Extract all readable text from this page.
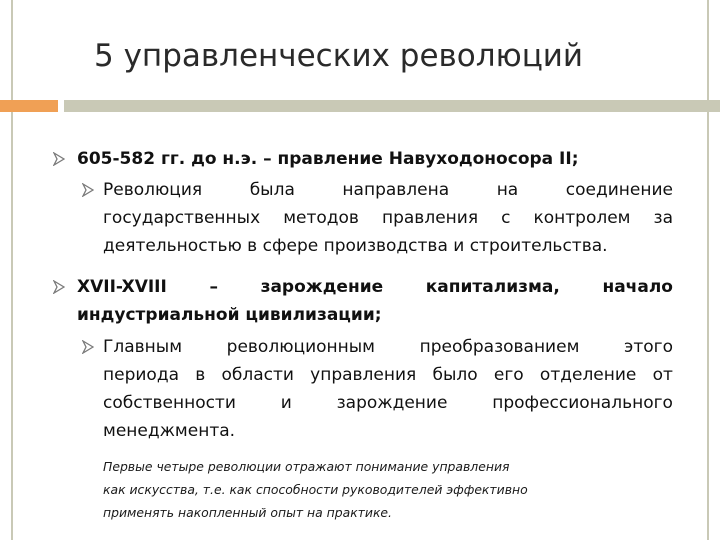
5 управленческих революций
605-582 гг. до н.э. – правление Навуходоносора II;
Революция	была	направлена	на	соединение
государственных методов правления с контролем за
деятельностью в сфере производства и строительства.
XVII-XVIII	–	зарождение	капитализма,	начало
индустриальной цивилизации;
Главным	революционным	преобразованием	этого
периода в области управления было его отделение от
собственности	и	зарождение	профессионального
менеджмента.
Первые четыре революции отражают понимание управления
как искусства, т.е. как способности руководителей эффективно
применять накопленный опыт на практике.
